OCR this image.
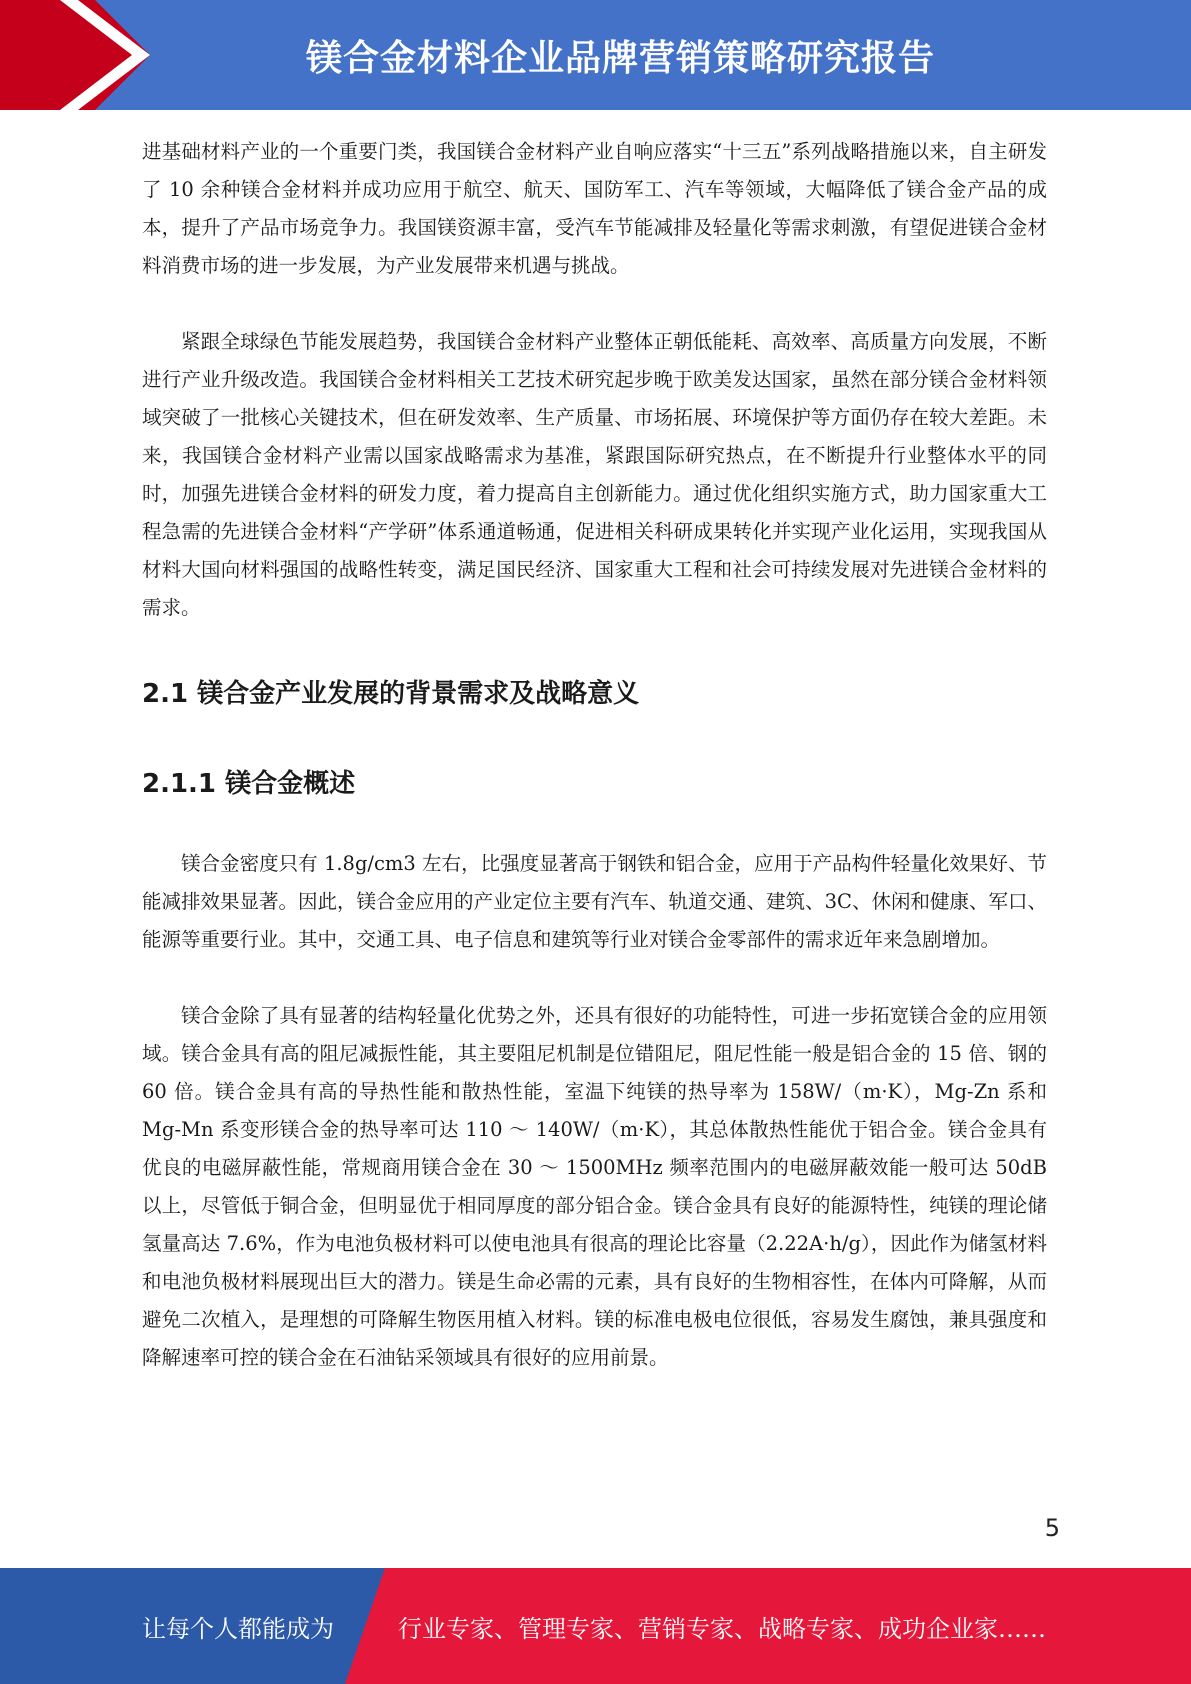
镁合金材料企业品牌营销策略研究报告

进基础材料产业的一个重要门类，我国镁合金材料产业自响应落实“十三五”系列战略措施以来，自主研发了 10 余种镁合金材料并成功应用于航空、航天、国防军工、汽车等领域，大幅降低了镁合金产品的成本，提升了产品市场竞争力。我国镁资源丰富，受汽车节能减排及轻量化等需求刺激，有望促进镁合金材料消费市场的进一步发展，为产业发展带来机遇与挑战。

紧跟全球绿色节能发展趋势，我国镁合金材料产业整体正朝低能耗、高效率、高质量方向发展，不断进行产业升级改造。我国镁合金材料相关工艺技术研究起步晚于欧美发达国家，虽然在部分镁合金材料领域突破了一批核心关键技术，但在研发效率、生产质量、市场拓展、环境保护等方面仍存在较大差距。未来，我国镁合金材料产业需以国家战略需求为基准，紧跟国际研究热点，在不断提升行业整体水平的同时，加强先进镁合金材料的研发力度，着力提高自主创新能力。通过优化组织实施方式，助力国家重大工程急需的先进镁合金材料“产学研”体系通道畅通，促进相关科研成果转化并实现产业化运用，实现我国从材料大国向材料强国的战略性转变，满足国民经济、国家重大工程和社会可持续发展对先进镁合金材料的需求。

2.1 镁合金产业发展的背景需求及战略意义
2.1.1 镁合金概述

镁合金密度只有 1.8g/cm3 左右，比强度显著高于钢铁和铝合金，应用于产品构件轻量化效果好、节能减排效果显著。因此，镁合金应用的产业定位主要有汽车、轨道交通、建筑、3C、休闲和健康、军口、能源等重要行业。其中，交通工具、电子信息和建筑等行业对镁合金零部件的需求近年来急剧增加。

镁合金除了具有显著的结构轻量化优势之外，还具有很好的功能特性，可进一步拓宽镁合金的应用领域。镁合金具有高的阻尼减振性能，其主要阻尼机制是位错阻尼，阻尼性能一般是铝合金的 15 倍、钢的 60 倍。镁合金具有高的导热性能和散热性能，室温下纯镁的热导率为 158W/（m·K），Mg-Zn 系和 Mg-Mn 系变形镁合金的热导率可达 110 ～ 140W/（m·K），其总体散热性能优于铝合金。镁合金具有优良的电磁屏蔽性能，常规商用镁合金在 30 ～ 1500MHz 频率范围内的电磁屏蔽效能一般可达 50dB 以上，尽管低于铜合金，但明显优于相同厚度的部分铝合金。镁合金具有良好的能源特性，纯镁的理论储氢量高达 7.6%，作为电池负极材料可以使电池具有很高的理论比容量（2.22A·h/g），因此作为储氢材料和电池负极材料展现出巨大的潜力。镁是生命必需的元素，具有良好的生物相容性，在体内可降解，从而避免二次植入，是理想的可降解生物医用植入材料。镁的标准电极电位很低，容易发生腐蚀，兼具强度和降解速率可控的镁合金在石油钻采领域具有很好的应用前景。

5
让每个人都能成为	行业专家、管理专家、营销专家、战略专家、成功企业家……
